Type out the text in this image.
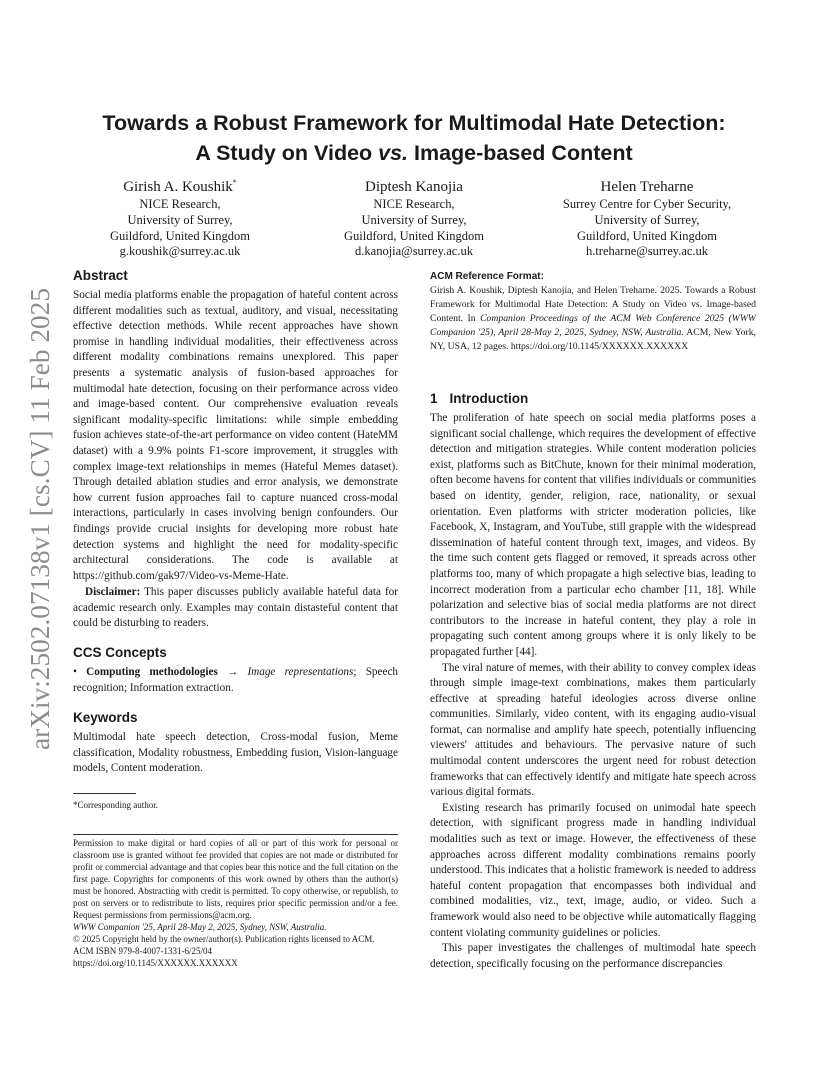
arXiv:2502.07138v1 [cs.CV] 11 Feb 2025
Towards a Robust Framework for Multimodal Hate Detection:
A Study on Video vs. Image-based Content
Girish A. Koushik*
NICE Research,
University of Surrey,
Guildford, United Kingdom
g.koushik@surrey.ac.uk
Diptesh Kanojia
NICE Research,
University of Surrey,
Guildford, United Kingdom
d.kanojia@surrey.ac.uk
Helen Treharne
Surrey Centre for Cyber Security,
University of Surrey,
Guildford, United Kingdom
h.treharne@surrey.ac.uk
Abstract

Social media platforms enable the propagation of hateful content across different modalities such as textual, auditory, and visual, necessitating effective detection methods. While recent approaches have shown promise in handling individual modalities, their effectiveness across different modality combinations remains unexplored. This paper presents a systematic analysis of fusion-based approaches for multimodal hate detection, focusing on their performance across video and image-based content. Our comprehensive evaluation reveals significant modality-specific limitations: while simple embedding fusion achieves state-of-the-art performance on video content (HateMM dataset) with a 9.9% points F1-score improvement, it struggles with complex image-text relationships in memes (Hateful Memes dataset). Through detailed ablation studies and error analysis, we demonstrate how current fusion approaches fail to capture nuanced cross-modal interactions, particularly in cases involving benign confounders. Our findings provide crucial insights for developing more robust hate detection systems and highlight the need for modality-specific architectural considerations. The code is available at https://github.com/gak97/Video-vs-Meme-Hate.

Disclaimer: This paper discusses publicly available hateful data for academic research only. Examples may contain distasteful content that could be disturbing to readers.

CCS Concepts

• Computing methodologies → Image representations; Speech recognition; Information extraction.

Keywords

Multimodal hate speech detection, Cross-modal fusion, Meme classification, Modality robustness, Embedding fusion, Vision-language models, Content moderation.

*Corresponding author.
Permission to make digital or hard copies of all or part of this work for personal or classroom use is granted without fee provided that copies are not made or distributed for profit or commercial advantage and that copies bear this notice and the full citation on the first page. Copyrights for components of this work owned by others than the author(s) must be honored. Abstracting with credit is permitted. To copy otherwise, or republish, to post on servers or to redistribute to lists, requires prior specific permission and/or a fee. Request permissions from permissions@acm.org.
WWW Companion '25, April 28-May 2, 2025, Sydney, NSW, Australia.
© 2025 Copyright held by the owner/author(s). Publication rights licensed to ACM.
ACM ISBN 979-8-4007-1331-6/25/04
https://doi.org/10.1145/XXXXXX.XXXXXX
ACM Reference Format:

Girish A. Koushik, Diptesh Kanojia, and Helen Treharne. 2025. Towards a Robust Framework for Multimodal Hate Detection: A Study on Video vs. Image-based Content. In Companion Proceedings of the ACM Web Conference 2025 (WWW Companion '25), April 28-May 2, 2025, Sydney, NSW, Australia. ACM, New York, NY, USA, 12 pages. https://doi.org/10.1145/XXXXXX.XXXXXX

1 Introduction

The proliferation of hate speech on social media platforms poses a significant social challenge, which requires the development of effective detection and mitigation strategies. While content moderation policies exist, platforms such as BitChute, known for their minimal moderation, often become havens for content that vilifies individuals or communities based on identity, gender, religion, race, nationality, or sexual orientation. Even platforms with stricter moderation policies, like Facebook, X, Instagram, and YouTube, still grapple with the widespread dissemination of hateful content through text, images, and videos. By the time such content gets flagged or removed, it spreads across other platforms too, many of which propagate a high selective bias, leading to incorrect moderation from a particular echo chamber [11, 18]. While polarization and selective bias of social media platforms are not direct contributors to the increase in hateful content, they play a role in propagating such content among groups where it is only likely to be propagated further [44].

The viral nature of memes, with their ability to convey complex ideas through simple image-text combinations, makes them particularly effective at spreading hateful ideologies across diverse online communities. Similarly, video content, with its engaging audio-visual format, can normalise and amplify hate speech, potentially influencing viewers' attitudes and behaviours. The pervasive nature of such multimodal content underscores the urgent need for robust detection frameworks that can effectively identify and mitigate hate speech across various digital formats.

Existing research has primarily focused on unimodal hate speech detection, with significant progress made in handling individual modalities such as text or image. However, the effectiveness of these approaches across different modality combinations remains poorly understood. This indicates that a holistic framework is needed to address hateful content propagation that encompasses both individual and combined modalities, viz., text, image, audio, or video. Such a framework would also need to be objective while automatically flagging content violating community guidelines or policies.

This paper investigates the challenges of multimodal hate speech detection, specifically focusing on the performance discrepancies
